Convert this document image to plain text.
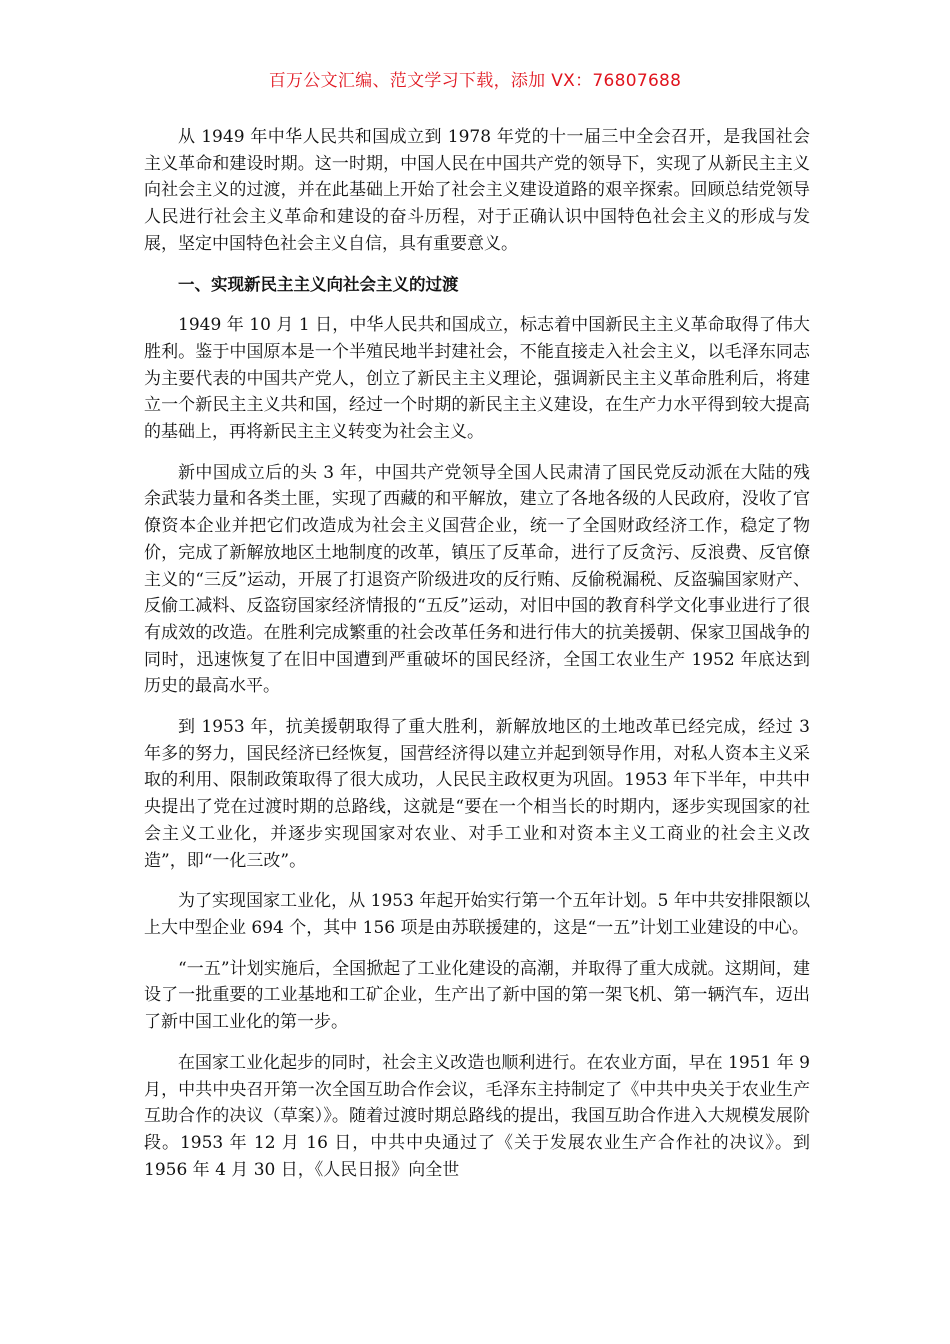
百万公文汇编、范文学习下载，添加 VX：76807688

从 1949 年中华人民共和国成立到 1978 年党的十一届三中全会召开，是我国社会主义革命和建设时期。这一时期，中国人民在中国共产党的领导下，实现了从新民主主义向社会主义的过渡，并在此基础上开始了社会主义建设道路的艰辛探索。回顾总结党领导人民进行社会主义革命和建设的奋斗历程，对于正确认识中国特色社会主义的形成与发展，坚定中国特色社会主义自信，具有重要意义。

一、实现新民主主义向社会主义的过渡

1949 年 10 月 1 日，中华人民共和国成立，标志着中国新民主主义革命取得了伟大胜利。鉴于中国原本是一个半殖民地半封建社会，不能直接走入社会主义，以毛泽东同志为主要代表的中国共产党人，创立了新民主主义理论，强调新民主主义革命胜利后，将建立一个新民主主义共和国，经过一个时期的新民主主义建设，在生产力水平得到较大提高的基础上，再将新民主主义转变为社会主义。

新中国成立后的头 3 年，中国共产党领导全国人民肃清了国民党反动派在大陆的残余武装力量和各类土匪，实现了西藏的和平解放，建立了各地各级的人民政府，没收了官僚资本企业并把它们改造成为社会主义国营企业，统一了全国财政经济工作，稳定了物价，完成了新解放地区土地制度的改革，镇压了反革命，进行了反贪污、反浪费、反官僚主义的“三反”运动，开展了打退资产阶级进攻的反行贿、反偷税漏税、反盗骗国家财产、反偷工减料、反盗窃国家经济情报的“五反”运动，对旧中国的教育科学文化事业进行了很有成效的改造。在胜利完成繁重的社会改革任务和进行伟大的抗美援朝、保家卫国战争的同时，迅速恢复了在旧中国遭到严重破坏的国民经济，全国工农业生产 1952 年底达到历史的最高水平。

到 1953 年，抗美援朝取得了重大胜利，新解放地区的土地改革已经完成，经过 3 年多的努力，国民经济已经恢复，国营经济得以建立并起到领导作用，对私人资本主义采取的利用、限制政策取得了很大成功，人民民主政权更为巩固。1953 年下半年，中共中央提出了党在过渡时期的总路线，这就是“要在一个相当长的时期内，逐步实现国家的社会主义工业化，并逐步实现国家对农业、对手工业和对资本主义工商业的社会主义改造”，即“一化三改”。

为了实现国家工业化，从 1953 年起开始实行第一个五年计划。5 年中共安排限额以上大中型企业 694 个，其中 156 项是由苏联援建的，这是“一五”计划工业建设的中心。

“一五”计划实施后，全国掀起了工业化建设的高潮，并取得了重大成就。这期间，建设了一批重要的工业基地和工矿企业，生产出了新中国的第一架飞机、第一辆汽车，迈出了新中国工业化的第一步。

在国家工业化起步的同时，社会主义改造也顺利进行。在农业方面，早在 1951 年 9 月，中共中央召开第一次全国互助合作会议，毛泽东主持制定了《中共中央关于农业生产互助合作的决议（草案）》。随着过渡时期总路线的提出，我国互助合作进入大规模发展阶段。1953 年 12 月 16 日，中共中央通过了《关于发展农业生产合作社的决议》。到 1956 年 4 月 30 日，《人民日报》向全世
